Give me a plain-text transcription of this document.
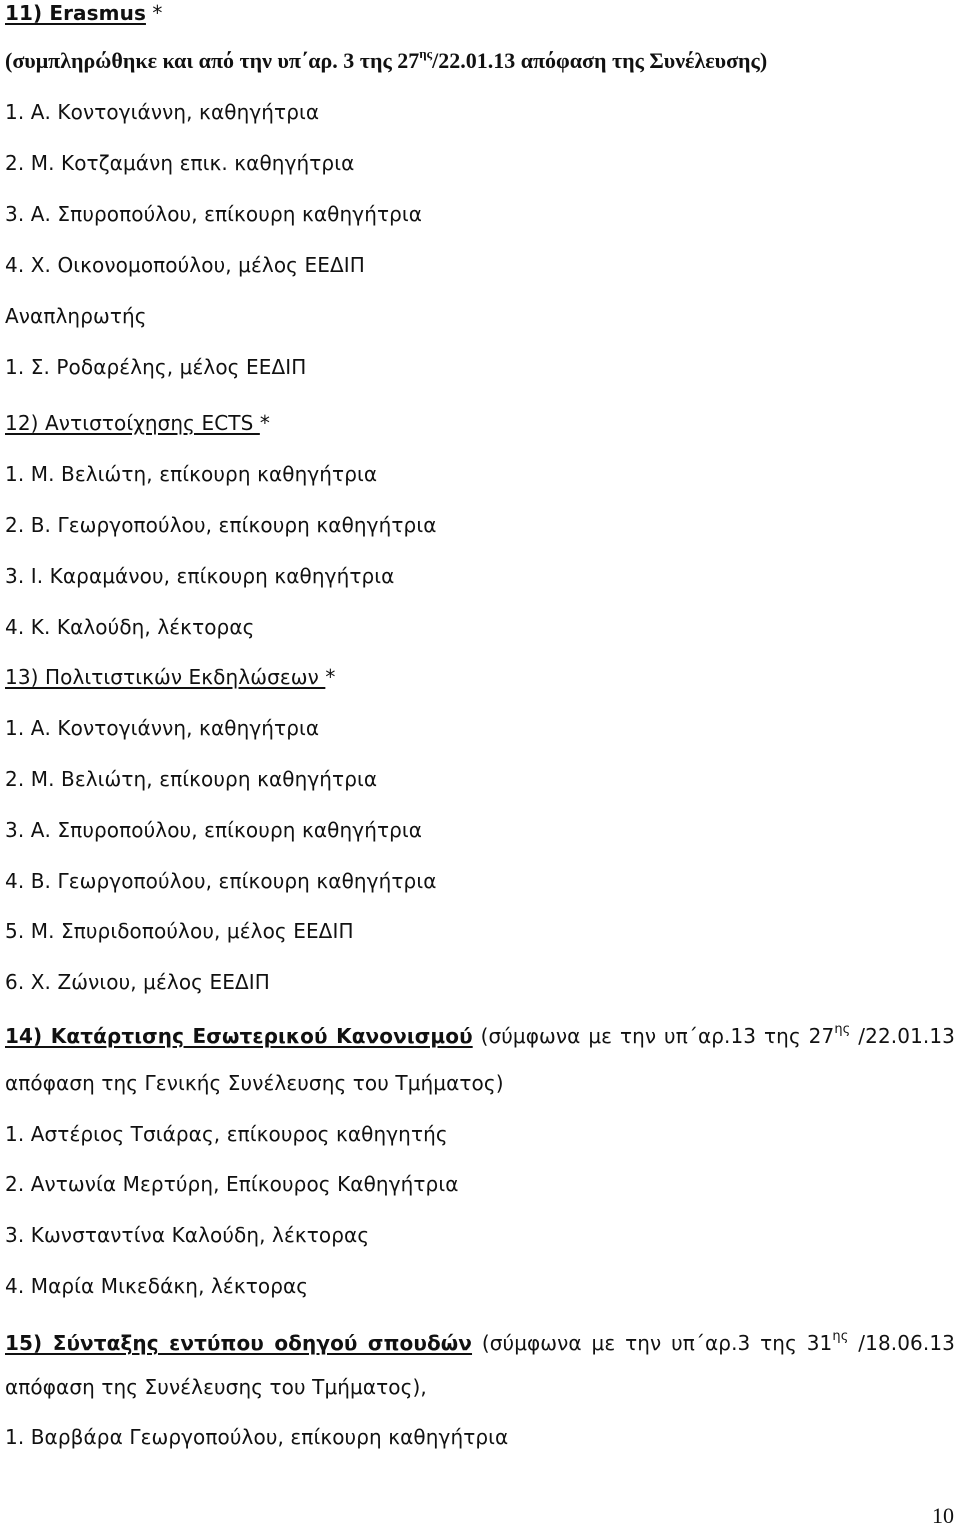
11) Erasmus *
(συμπληρώθηκε και από την υπ΄αρ. 3 της $27^{\eta\varsigma}/22.01.13$ απόφαση της Συνέλευσης)
1. Α. Κοντογιάννη, καθηγήτρια
2. Μ. Κοτζαμάνη επικ. καθηγήτρια
3. Α. Σπυροπούλου, επίκουρη καθηγήτρια
4. Χ. Οικονομοπούλου, μέλος ΕΕΔΙΠ
Αναπληρωτής
1. Σ. Ροδαρέλης, μέλος ΕΕΔΙΠ
12) Αντιστοίχησης ECTS *
1. Μ. Βελιώτη, επίκουρη καθηγήτρια
2. Β. Γεωργοπούλου, επίκουρη καθηγήτρια
3. Ι. Καραμάνου, επίκουρη καθηγήτρια
4. Κ. Καλούδη, λέκτορας
13) Πολιτιστικών Εκδηλώσεων *
1. Α. Κοντογιάννη, καθηγήτρια
2. Μ. Βελιώτη, επίκουρη καθηγήτρια
3. Α. Σπυροπούλου, επίκουρη καθηγήτρια
4. Β. Γεωργοπούλου, επίκουρη καθηγήτρια
5. Μ. Σπυριδοπούλου, μέλος ΕΕΔΙΠ
6. Χ. Ζώνιου, μέλος ΕΕΔΙΠ
14) Κατάρτισης Εσωτερικού Κανονισμού (σύμφωνα με την υπ΄αρ.13 της $27^{\eta\varsigma}$ /22.01.13
απόφαση της Γενικής Συνέλευσης του Τμήματος)
1. Αστέριος Τσιάρας, επίκουρος καθηγητής
2. Αντωνία Μερτύρη, Επίκουρος Καθηγήτρια
3. Κωνσταντίνα Καλούδη, λέκτορας
4. Μαρία Μικεδάκη, λέκτορας
15) Σύνταξης εντύπου οδηγού σπουδών (σύμφωνα με την υπ΄αρ.3 της $31^{\eta\varsigma}$ /18.06.13
απόφαση της Συνέλευσης του Τμήματος),
1. Βαρβάρα Γεωργοπούλου, επίκουρη καθηγήτρια
10
